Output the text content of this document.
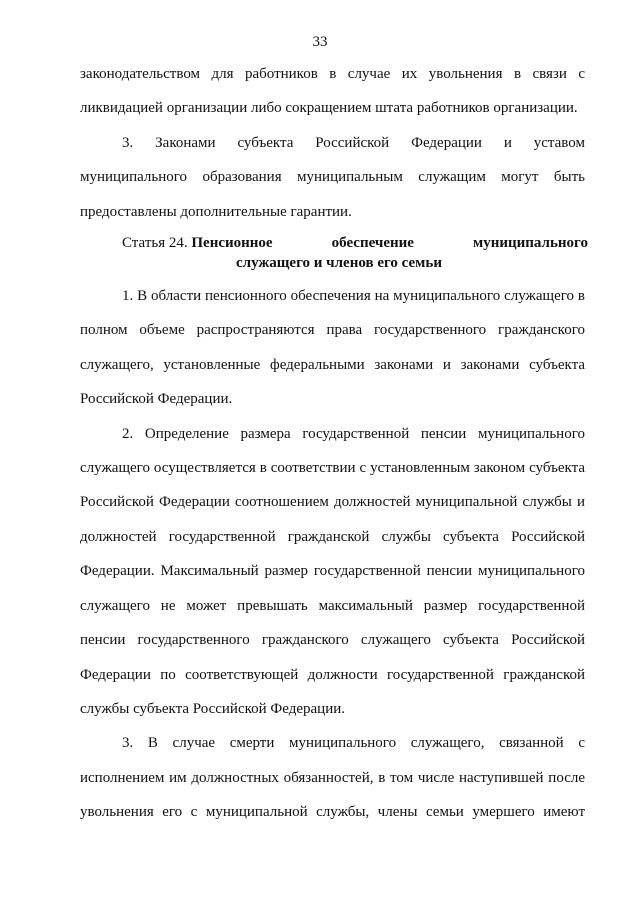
33

законодательством для работников в случае их увольнения в связи с

ликвидацией организации либо сокращением штата работников организации.

3. Законами субъекта Российской Федерации и уставом муниципального образования муниципальным служащим могут быть предоставлены дополнительные гарантии.

Статья 24. Пенсионное	обеспечение	муниципального
служащего и членов его семьи

1. В области пенсионного обеспечения на муниципального служащего в полном объеме распространяются права государственного гражданского служащего, установленные федеральными законами и законами субъекта Российской Федерации.

2. Определение размера государственной пенсии муниципального служащего осуществляется в соответствии с установленным законом субъекта Российской Федерации соотношением должностей муниципальной службы и должностей государственной гражданской службы субъекта Российской Федерации. Максимальный размер государственной пенсии муниципального служащего не может превышать максимальный размер государственной пенсии государственного гражданского служащего субъекта Российской Федерации по соответствующей должности государственной гражданской службы субъекта Российской Федерации.

3. В случае смерти муниципального служащего, связанной с исполнением им должностных обязанностей, в том числе наступившей после увольнения его с муниципальной службы, члены семьи умершего имеют
